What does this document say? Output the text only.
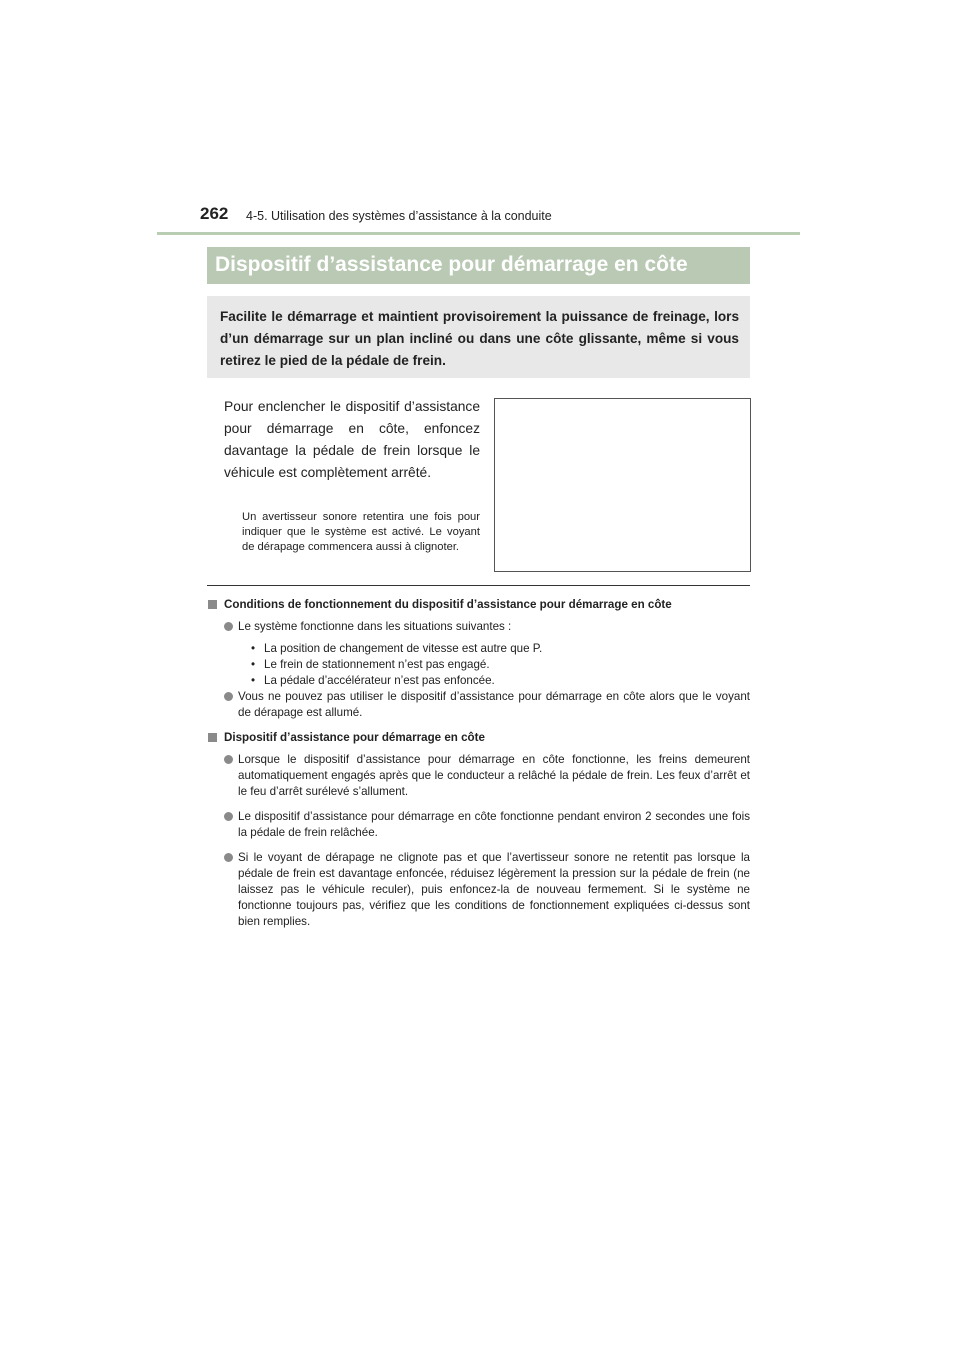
262 4-5. Utilisation des systèmes d’assistance à la conduite
Dispositif d’assistance pour démarrage en côte

Facilite le démarrage et maintient provisoirement la puissance de freinage, lors d’un démarrage sur un plan incliné ou dans une côte glissante, même si vous retirez le pied de la pédale de frein.

Pour enclencher le dispositif d’assistance pour démarrage en côte, enfoncez davantage la pédale de frein lorsque le véhicule est complètement arrêté.

Un avertisseur sonore retentira une fois pour indiquer que le système est activé. Le voyant de dérapage commencera aussi à clignoter.

Conditions de fonctionnement du dispositif d’assistance pour démarrage en côte
Le système fonctionne dans les situations suivantes :
• La position de changement de vitesse est autre que P.
• Le frein de stationnement n’est pas engagé.
• La pédale d’accélérateur n’est pas enfoncée.
Vous ne pouvez pas utiliser le dispositif d’assistance pour démarrage en côte alors que le voyant de dérapage est allumé.
Dispositif d’assistance pour démarrage en côte
Lorsque le dispositif d’assistance pour démarrage en côte fonctionne, les freins demeurent automatiquement engagés après que le conducteur a relâché la pédale de frein. Les feux d’arrêt et le feu d’arrêt surélevé s’allument.
Le dispositif d’assistance pour démarrage en côte fonctionne pendant environ 2 secondes une fois la pédale de frein relâchée.
Si le voyant de dérapage ne clignote pas et que l’avertisseur sonore ne retentit pas lorsque la pédale de frein est davantage enfoncée, réduisez légèrement la pression sur la pédale de frein (ne laissez pas le véhicule reculer), puis enfoncez-la de nouveau fermement. Si le système ne fonctionne toujours pas, vérifiez que les conditions de fonctionnement expliquées ci-dessus sont bien remplies.
